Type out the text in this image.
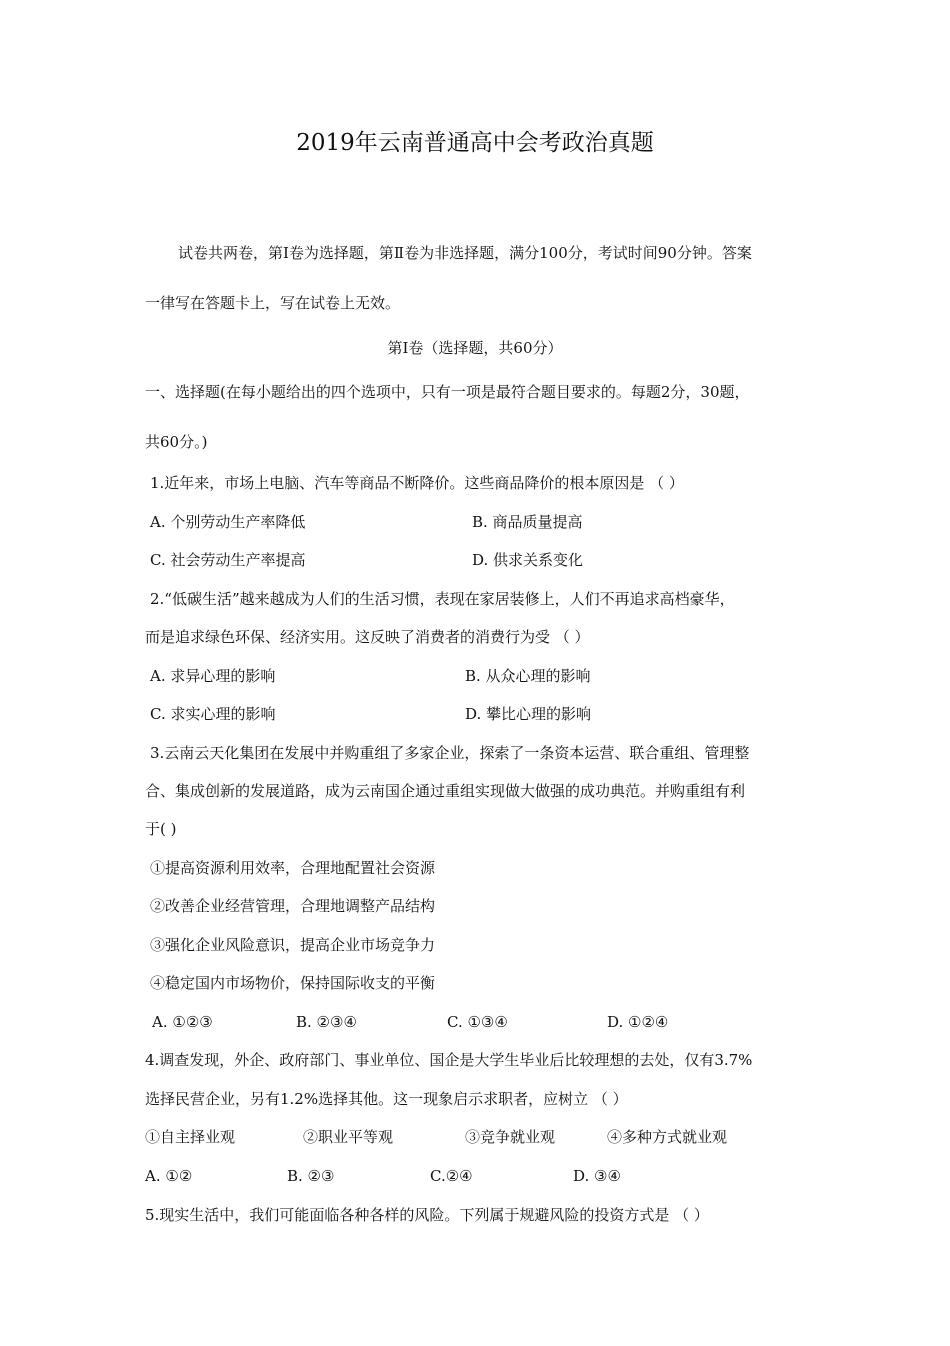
2019年云南普通高中会考政治真题
试卷共两卷，第Ⅰ卷为选择题，第Ⅱ卷为非选择题，满分100分，考试时间90分钟。答案
一律写在答题卡上，写在试卷上无效。
第Ⅰ卷（选择题，共60分）
一、选择题(在每小题给出的四个选项中，只有一项是最符合题目要求的。每题2分，30题，
共60分。)
1.近年来，市场上电脑、汽车等商品不断降价。这些商品降价的根本原因是 （ ）
A. 个别劳动生产率降低	B. 商品质量提高
C. 社会劳动生产率提高	D. 供求关系变化
2.“低碳生活”越来越成为人们的生活习惯，表现在家居装修上，人们不再追求高档豪华，
而是追求绿色环保、经济实用。这反映了消费者的消费行为受 （ ）
A. 求异心理的影响	B. 从众心理的影响
C. 求实心理的影响	D. 攀比心理的影响
3.云南云天化集团在发展中并购重组了多家企业，探索了一条资本运营、联合重组、管理整
合、集成创新的发展道路，成为云南国企通过重组实现做大做强的成功典范。并购重组有利
于( )
①提高资源利用效率，合理地配置社会资源
②改善企业经营管理，合理地调整产品结构
③强化企业风险意识，提高企业市场竞争力
④稳定国内市场物价，保持国际收支的平衡
A. ①②③	B. ②③④	C. ①③④	D. ①②④
4.调查发现，外企、政府部门、事业单位、国企是大学生毕业后比较理想的去处，仅有3.7%
选择民营企业，另有1.2%选择其他。这一现象启示求职者，应树立 （ ）
①自主择业观	②职业平等观	③竞争就业观	④多种方式就业观
A. ①②	B. ②③	C.②④	D. ③④
5.现实生活中，我们可能面临各种各样的风险。下列属于规避风险的投资方式是 （ ）
